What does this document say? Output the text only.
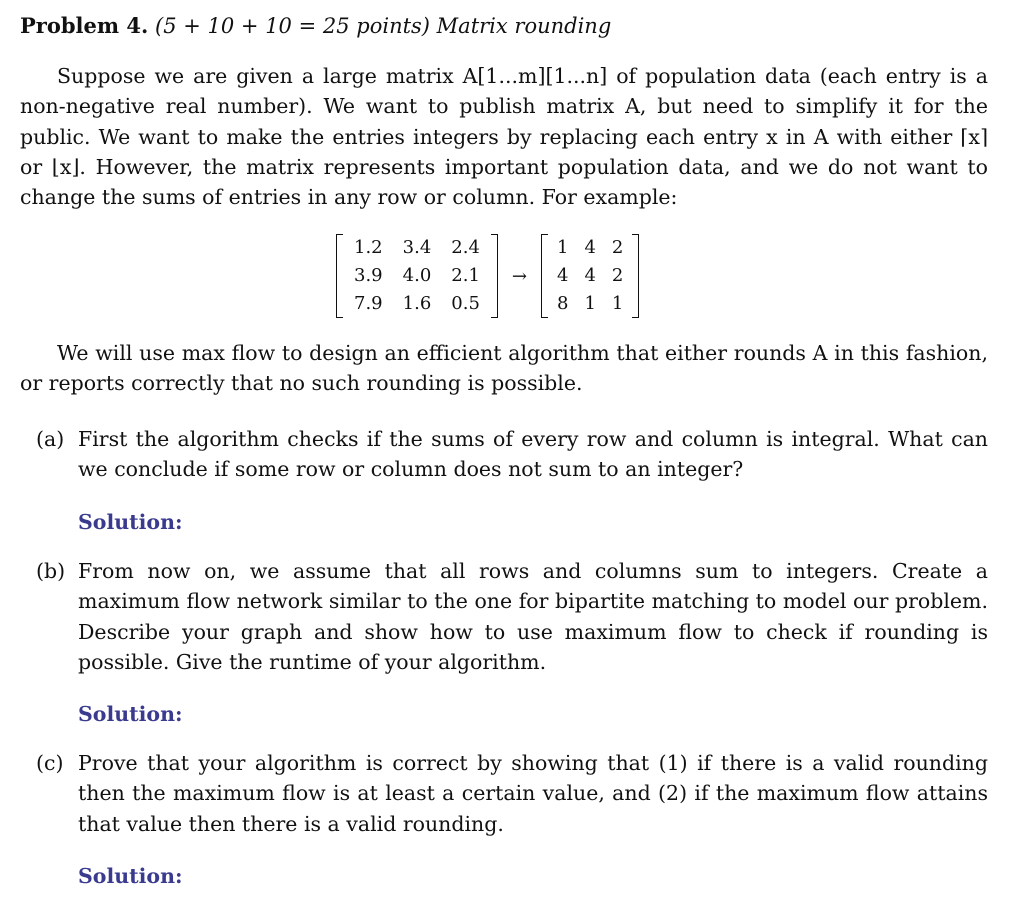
Problem 4. (5 + 10 + 10 = 25 points) Matrix rounding

Suppose we are given a large matrix A[1...m][1...n] of population data (each entry is a non-negative real number). We want to publish matrix A, but need to simplify it for the public. We want to make the entries integers by replacing each entry x in A with either ⌈x⌉ or ⌊x⌋. However, the matrix represents important population data, and we do not want to change the sums of entries in any row or column. For example:

1.2	3.4	2.4
3.9	4.0	2.1
7.9	1.6	0.5
→
1	4	2
4	4	2
8	1	1

We will use max flow to design an efficient algorithm that either rounds A in this fashion, or reports correctly that no such rounding is possible.

(a) First the algorithm checks if the sums of every row and column is integral. What can we conclude if some row or column does not sum to an integer?
Solution:
(b) From now on, we assume that all rows and columns sum to integers. Create a maximum flow network similar to the one for bipartite matching to model our problem. Describe your graph and show how to use maximum flow to check if rounding is possible. Give the runtime of your algorithm.
Solution:
(c) Prove that your algorithm is correct by showing that (1) if there is a valid rounding then the maximum flow is at least a certain value, and (2) if the maximum flow attains that value then there is a valid rounding.
Solution:
